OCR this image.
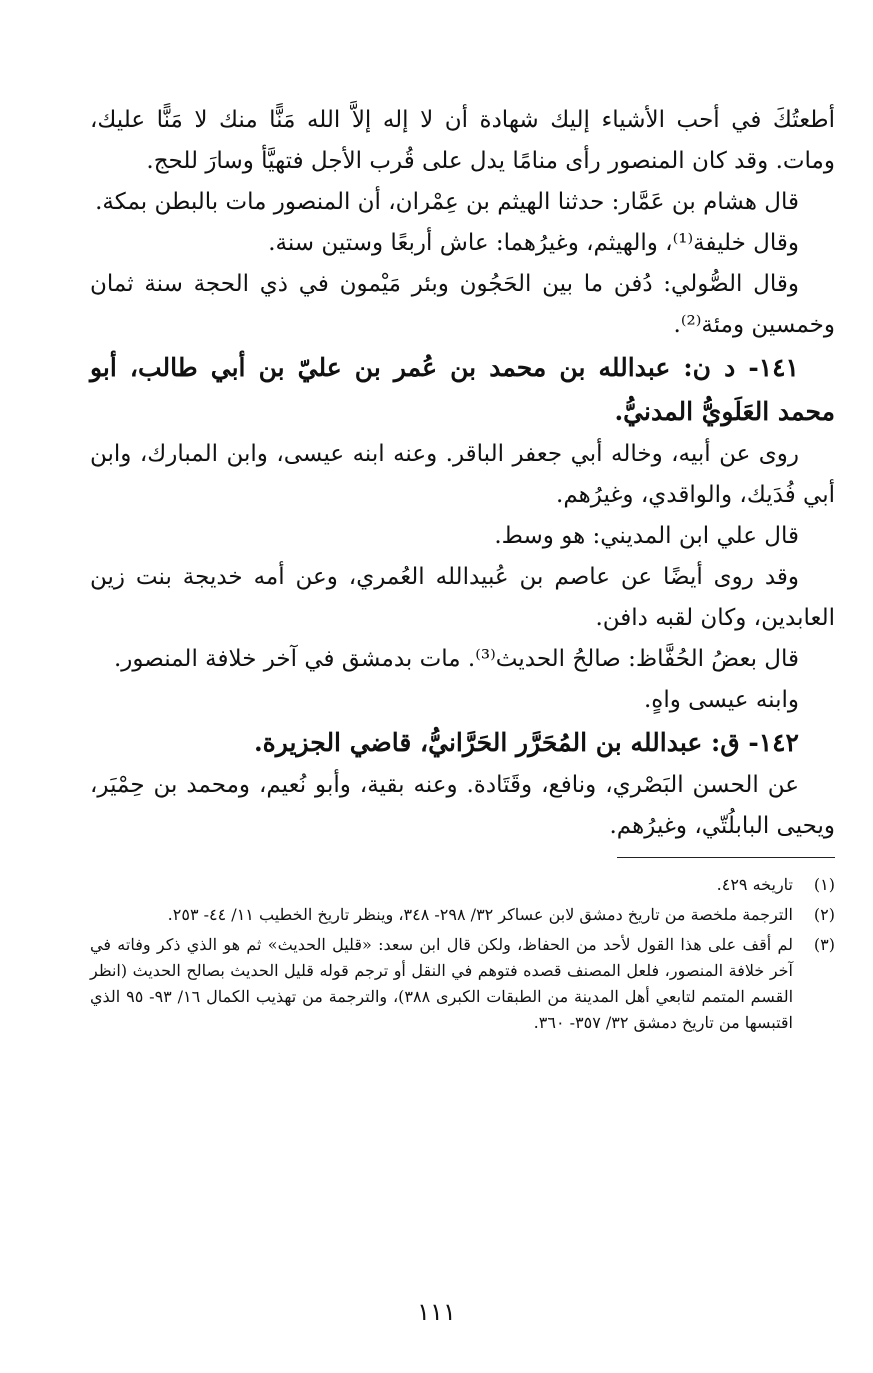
أطعتُكَ في أحب الأشياء إليك شهادة أن لا إله إلاَّ الله مَنًّا منك لا مَنًّا عليك، ومات. وقد كان المنصور رأى منامًا يدل على قُرب الأجل فتهيَّأ وسارَ للحج.

قال هشام بن عَمَّار: حدثنا الهيثم بن عِمْران، أن المنصور مات بالبطن بمكة.

وقال خليفة⁽¹⁾، والهيثم، وغيرُهما: عاش أربعًا وستين سنة.

وقال الصُّولي: دُفن ما بين الحَجُون وبئر مَيْمون في ذي الحجة سنة ثمان وخمسين ومئة⁽²⁾.

١٤١- د ن: عبدالله بن محمد بن عُمر بن عليّ بن أبي طالب، أبو محمد العَلَويُّ المدنيُّ.

روى عن أبيه، وخاله أبي جعفر الباقر. وعنه ابنه عيسى، وابن المبارك، وابن أبي فُدَيك، والواقدي، وغيرُهم.

قال علي ابن المديني: هو وسط.

وقد روى أيضًا عن عاصم بن عُبيدالله العُمري، وعن أمه خديجة بنت زين العابدين، وكان لقبه دافن.

قال بعضُ الحُفَّاظ: صالحُ الحديث⁽³⁾. مات بدمشق في آخر خلافة المنصور.

وابنه عيسى واهٍ.

١٤٢- ق: عبدالله بن المُحَرَّر الحَرَّانيُّ، قاضي الجزيرة.

عن الحسن البَصْري، ونافع، وقَتَادة. وعنه بقية، وأبو نُعيم، ومحمد بن حِمْيَر، ويحيى البابلُتّي، وغيرُهم.

(١)
تاريخه ٤٢٩.
(٢)
الترجمة ملخصة من تاريخ دمشق لابن عساكر ٣٢/ ٢٩٨- ٣٤٨، وينظر تاريخ الخطيب ١١/ ٤٤- ٢٥٣.
(٣)
لم أقف على هذا القول لأحد من الحفاظ، ولكن قال ابن سعد: «قليل الحديث» ثم هو الذي ذكر وفاته في آخر خلافة المنصور، فلعل المصنف قصده فتوهم في النقل أو ترجم قوله قليل الحديث بصالح الحديث (انظر القسم المتمم لتابعي أهل المدينة من الطبقات الكبرى ٣٨٨)، والترجمة من تهذيب الكمال ١٦/ ٩٣- ٩٥ الذي اقتبسها من تاريخ دمشق ٣٢/ ٣٥٧- ٣٦٠.
١١١
